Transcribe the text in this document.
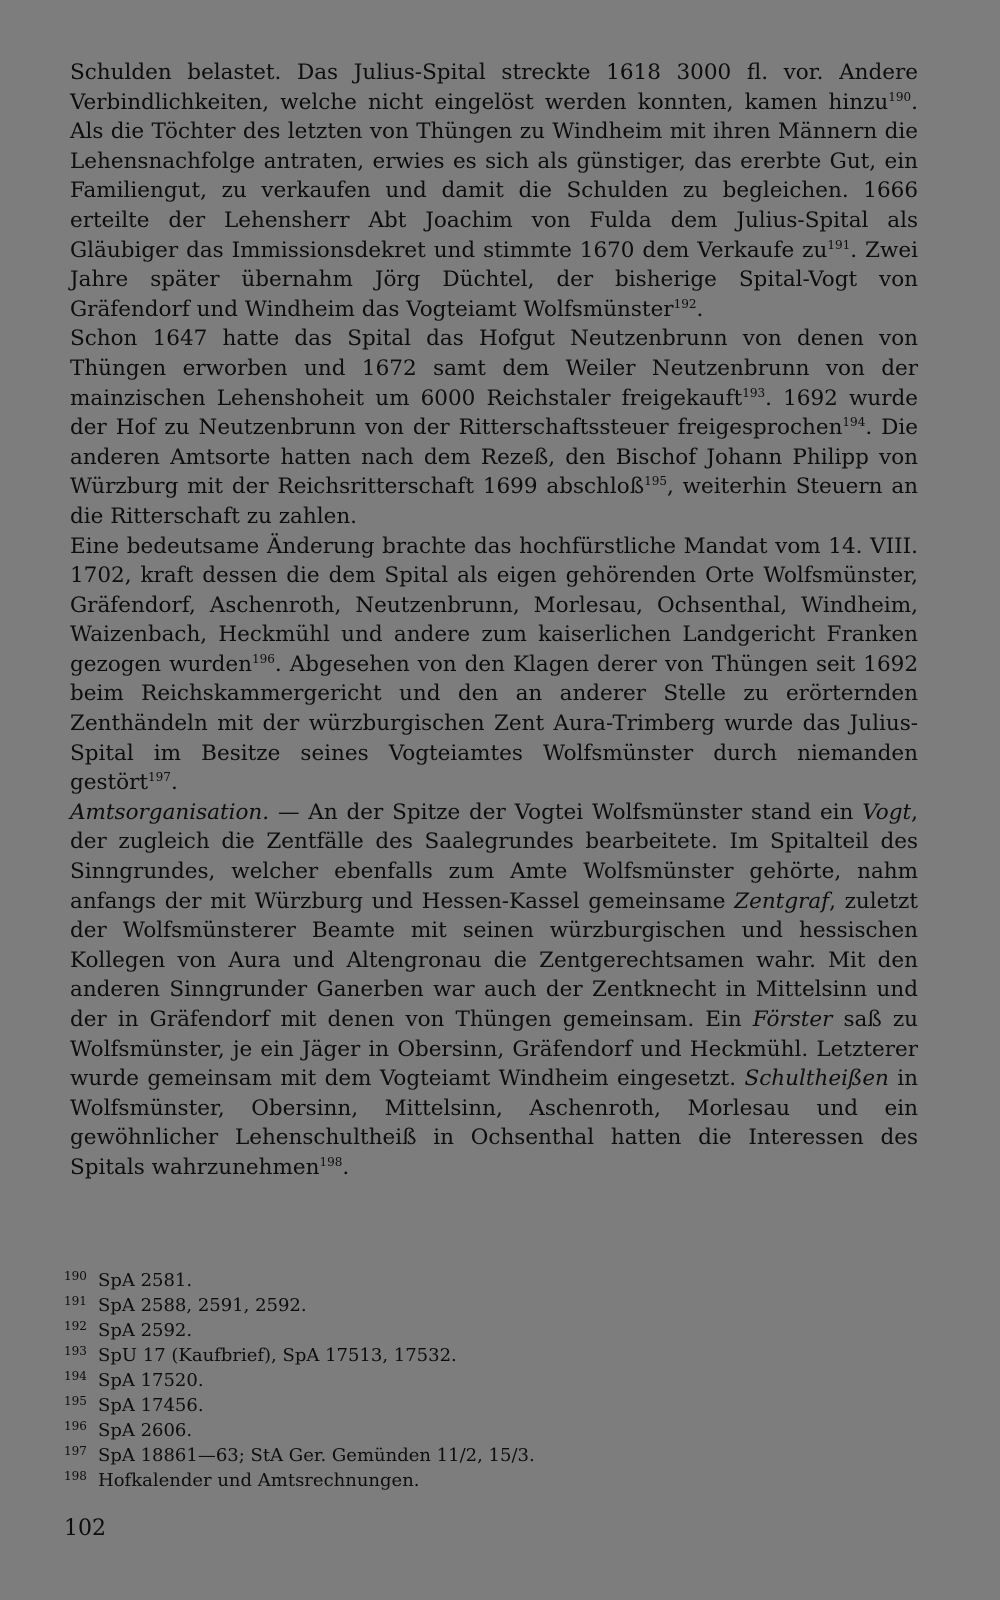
Schulden belastet. Das Julius-Spital streckte 1618 3000 fl. vor. Andere Verbindlichkeiten, welche nicht eingelöst werden konnten, kamen hinzu$^{190}$. Als die Töchter des letzten von Thüngen zu Windheim mit ihren Männern die Lehensnachfolge antraten, erwies es sich als günstiger, das ererbte Gut, ein Familiengut, zu verkaufen und damit die Schulden zu begleichen. 1666 erteilte der Lehensherr Abt Joachim von Fulda dem Julius-Spital als Gläubiger das Immissionsdekret und stimmte 1670 dem Verkaufe $zu^{191}$. Zwei Jahre später übernahm Jörg Düchtel, der bisherige Spital-Vogt von Gräfendorf und Windheim das Vogteiamt Wolfsmünster$^{192}$.

Schon 1647 hatte das Spital das Hofgut Neutzenbrunn von denen von Thüngen erworben und 1672 samt dem Weiler Neutzenbrunn von der mainzischen Lehenshoheit um 6000 Reichstaler freigekauft$^{193}$. 1692 wurde der Hof zu Neutzenbrunn von der Ritterschaftssteuer freigesprochen$^{194}$. Die anderen Amtsorte hatten nach dem Rezeß, den Bischof Johann Philipp von Würzburg mit der Reichsritterschaft 1699 abschloß$^{195}$, weiterhin Steuern an die Ritterschaft zu zahlen.

Eine bedeutsame Änderung brachte das hochfürstliche Mandat vom 14. VIII. 1702, kraft dessen die dem Spital als eigen gehörenden Orte Wolfsmünster, Gräfendorf, Aschenroth, Neutzenbrunn, Morlesau, Ochsenthal, Windheim, Waizenbach, Heckmühl und andere zum kaiserlichen Landgericht Franken gezogen wurden$^{196}$. Abgesehen von den Klagen derer von Thüngen seit 1692 beim Reichskammergericht und den an anderer Stelle zu erörternden Zenthändeln mit der würzburgischen Zent Aura-Trimberg wurde das Julius-Spital im Besitze seines Vogteiamtes Wolfsmünster durch niemanden gestört$^{197}$.

Amtsorganisation. — An der Spitze der Vogtei Wolfsmünster stand ein Vogt, der zugleich die Zentfälle des Saalegrundes bearbeitete. Im Spitalteil des Sinngrundes, welcher ebenfalls zum Amte Wolfsmünster gehörte, nahm anfangs der mit Würzburg und Hessen-Kassel gemeinsame Zentgraf, zuletzt der Wolfsmünsterer Beamte mit seinen würzburgischen und hessischen Kollegen von Aura und Altengronau die Zentgerechtsamen wahr. Mit den anderen Sinngrunder Ganerben war auch der Zentknecht in Mittelsinn und der in Gräfendorf mit denen von Thüngen gemeinsam. Ein Förster saß zu Wolfsmünster, je ein Jäger in Obersinn, Gräfendorf und Heckmühl. Letzterer wurde gemeinsam mit dem Vogteiamt Windheim eingesetzt. Schultheißen in Wolfsmünster, Obersinn, Mittelsinn, Aschenroth, Morlesau und ein gewöhnlicher Lehenschultheiß in Ochsenthal hatten die Interessen des Spitals wahrzunehmen$^{198}$.

190 SpA 2581.
191 SpA 2588, 2591, 2592.
192 SpA 2592.
193 SpU 17 (Kaufbrief), SpA 17513, 17532.
194 SpA 17520.
195 SpA 17456.
196 SpA 2606.
197 SpA 18861—63; StA Ger. Gemünden 11/2, 15/3.
198 Hofkalender und Amtsrechnungen.
102
